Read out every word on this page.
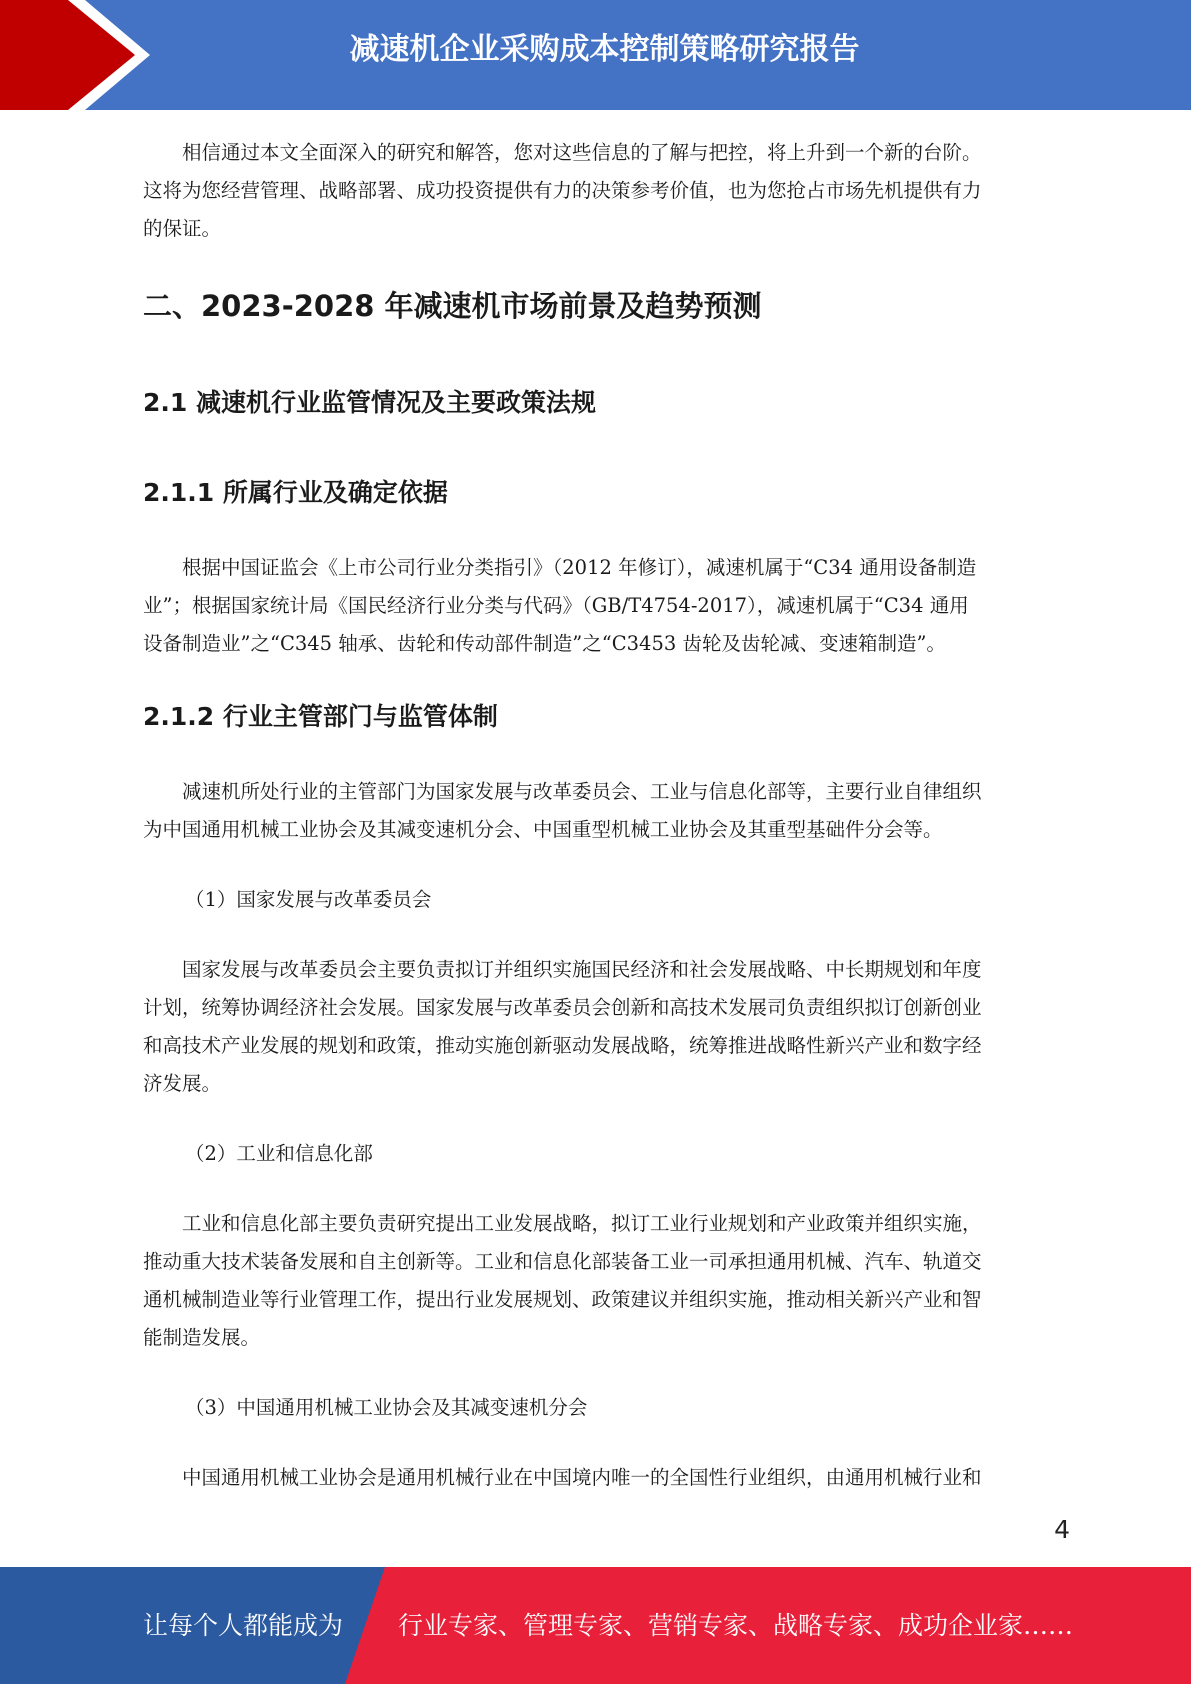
减速机企业采购成本控制策略研究报告

相信通过本文全面深入的研究和解答，您对这些信息的了解与把控，将上升到一个新的台阶。
这将为您经营管理、战略部署、成功投资提供有力的决策参考价值，也为您抢占市场先机提供有力
的保证。

二、2023-2028 年减速机市场前景及趋势预测
2.1 减速机行业监管情况及主要政策法规
2.1.1 所属行业及确定依据

根据中国证监会《上市公司行业分类指引》（2012 年修订），减速机属于“C34 通用设备制造
业”；根据国家统计局《国民经济行业分类与代码》（GB/T4754-2017），减速机属于“C34 通用
设备制造业”之“C345 轴承、齿轮和传动部件制造”之“C3453 齿轮及齿轮减、变速箱制造”。

2.1.2 行业主管部门与监管体制

减速机所处行业的主管部门为国家发展与改革委员会、工业与信息化部等，主要行业自律组织
为中国通用机械工业协会及其减变速机分会、中国重型机械工业协会及其重型基础件分会等。

（1）国家发展与改革委员会

国家发展与改革委员会主要负责拟订并组织实施国民经济和社会发展战略、中长期规划和年度
计划，统筹协调经济社会发展。国家发展与改革委员会创新和高技术发展司负责组织拟订创新创业
和高技术产业发展的规划和政策，推动实施创新驱动发展战略，统筹推进战略性新兴产业和数字经
济发展。

（2）工业和信息化部

工业和信息化部主要负责研究提出工业发展战略，拟订工业行业规划和产业政策并组织实施，
推动重大技术装备发展和自主创新等。工业和信息化部装备工业一司承担通用机械、汽车、轨道交
通机械制造业等行业管理工作，提出行业发展规划、政策建议并组织实施，推动相关新兴产业和智
能制造发展。

（3）中国通用机械工业协会及其减变速机分会

中国通用机械工业协会是通用机械行业在中国境内唯一的全国性行业组织，由通用机械行业和

4
让每个人都能成为 行业专家、管理专家、营销专家、战略专家、成功企业家……
